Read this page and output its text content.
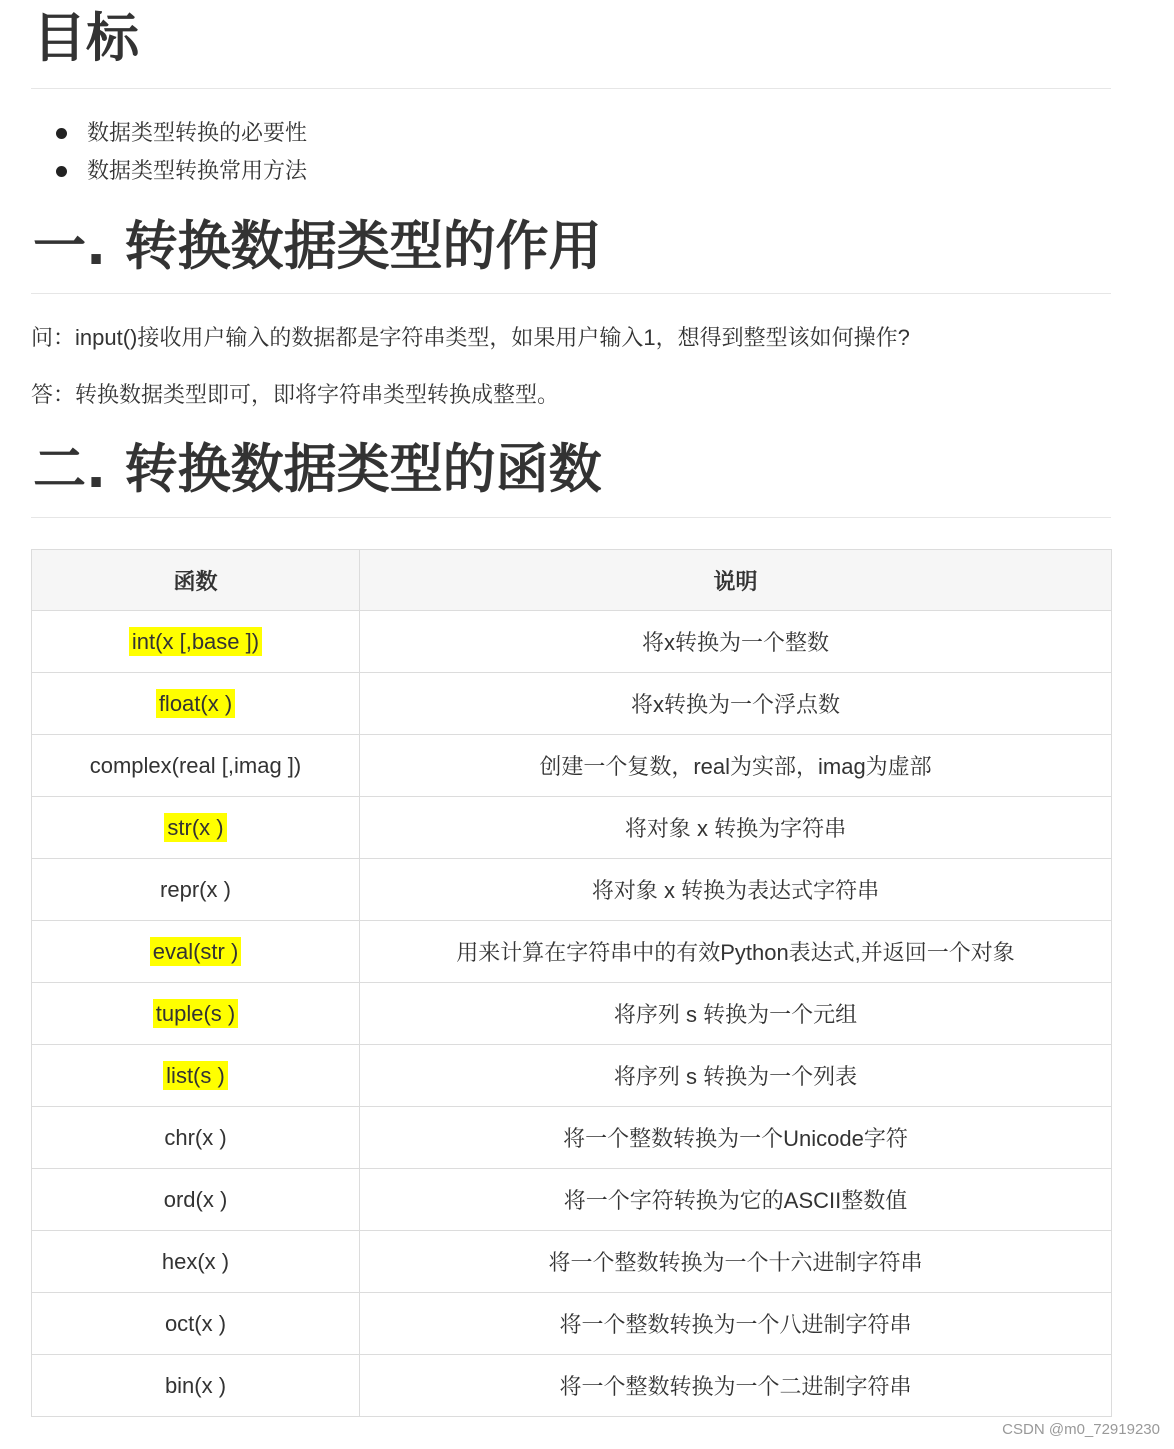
目标
数据类型转换的必要性
数据类型转换常用方法
一. 转换数据类型的作用

问：input()接收用户输入的数据都是字符串类型，如果用户输入1，想得到整型该如何操作?

答：转换数据类型即可，即将字符串类型转换成整型。

二. 转换数据类型的函数
函数	说明
int(x [,base ])	将x转换为一个整数
float(x )	将x转换为一个浮点数
complex(real [,imag ])	创建一个复数，real为实部，imag为虚部
str(x )	将对象 x 转换为字符串
repr(x )	将对象 x 转换为表达式字符串
eval(str )	用来计算在字符串中的有效Python表达式,并返回一个对象
tuple(s )	将序列 s 转换为一个元组
list(s )	将序列 s 转换为一个列表
chr(x )	将一个整数转换为一个Unicode字符
ord(x )	将一个字符转换为它的ASCII整数值
hex(x )	将一个整数转换为一个十六进制字符串
oct(x )	将一个整数转换为一个八进制字符串
bin(x )	将一个整数转换为一个二进制字符串
CSDN @m0_72919230
